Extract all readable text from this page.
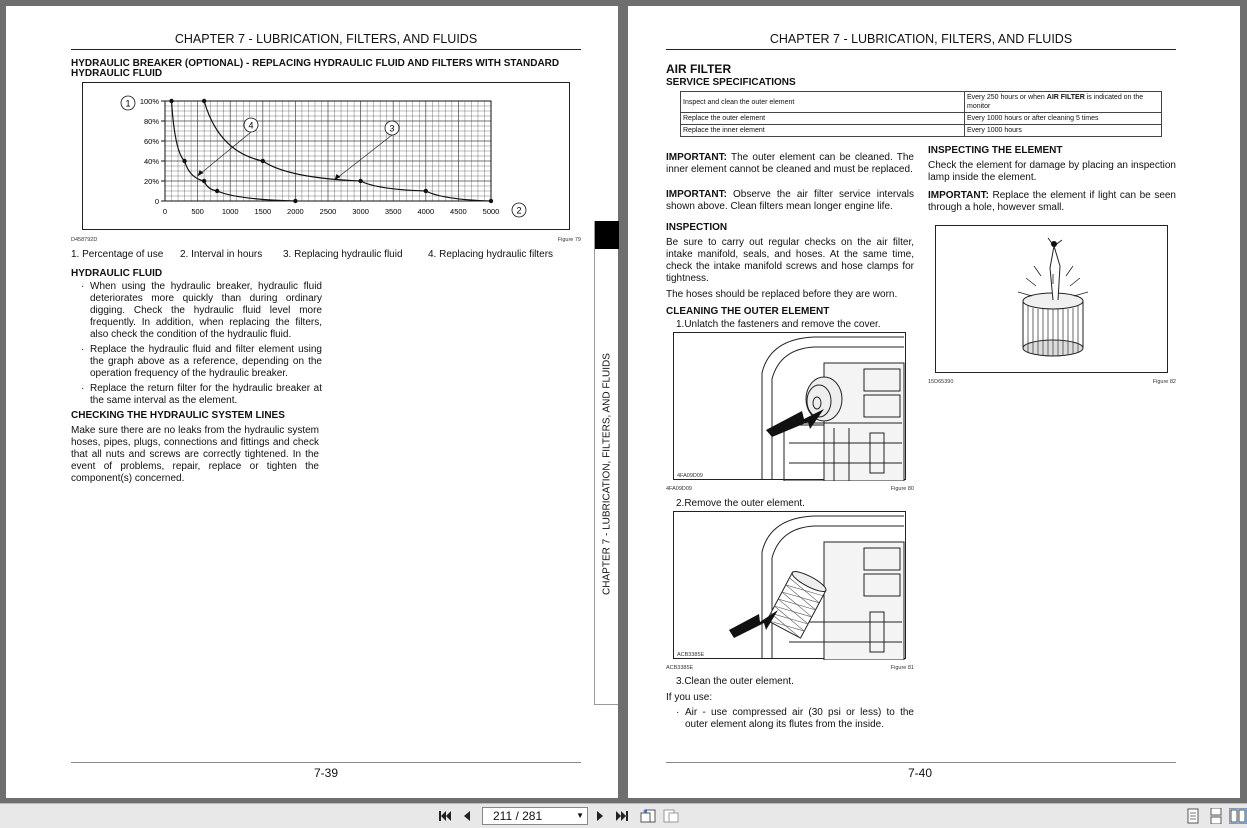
CHAPTER 7 - LUBRICATION, FILTERS, AND FLUIDS
HYDRAULIC BREAKER (OPTIONAL) - REPLACING HYDRAULIC FLUID AND FILTERS WITH STANDARD HYDRAULIC FLUID
0	500 1000 1500 2000 2500 3000 3500 4000 4500 5000
0
20%
40%
60%
80%
100%
1
2
3
4
D458792D	Figure 79
1. Percentage of use 2. Interval in hours 3. Replacing hydraulic fluid	4. Replacing hydraulic filters
HYDRAULIC FLUID
· When using the hydraulic breaker, hydraulic fluid deteriorates more quickly than during ordinary digging. Check the hydraulic fluid level more frequently. In addition, when replacing the filters, also check the condition of the hydraulic fluid.
· Replace the hydraulic fluid and filter element using the graph above as a reference, depending on the operation frequency of the hydraulic breaker.
· Replace the return filter for the hydraulic breaker at the same interval as the element.
CHECKING THE HYDRAULIC SYSTEM LINES
Make sure there are no leaks from the hydraulic system hoses, pipes, plugs, connections and fittings and check that all nuts and screws are correctly tightened. In the event of problems, repair, replace or tighten the component(s) concerned.
7-39
CHAPTER 7 - LUBRICATION, FILTERS, AND FLUIDS
CHAPTER 7 - LUBRICATION, FILTERS, AND FLUIDS
AIR FILTER
SERVICE SPECIFICATIONS
Inspect and clean the outer element	Every 250 hours or when AIR FILTER is indicated on the monitor
Replace the outer element	Every 1000 hours or after cleaning 5 times
Replace the inner element	Every 1000 hours
IMPORTANT: The outer element can be cleaned. The inner element cannot be cleaned and must be replaced.
IMPORTANT: Observe the air filter service intervals shown above. Clean filters mean longer engine life.
INSPECTION
Be sure to carry out regular checks on the air filter, intake manifold, seals, and hoses. At the same time, check the intake manifold screws and hose clamps for tightness.
The hoses should be replaced before they are worn.
CLEANING THE OUTER ELEMENT
1.Unlatch the fasteners and remove the cover.
4FA09D09
4FA09D09	Figure 80
2.Remove the outer element.
ACB3385E
ACB3385E	Figure 81
3.Clean the outer element.
If you use:
· Air - use compressed air (30 psi or less) to the outer element along its flutes from the inside.
INSPECTING THE ELEMENT
Check the element for damage by placing an inspection lamp inside the element.
IMPORTANT: Replace the element if light can be seen through a hole, however small.
15D65390	Figure 82
7-40
211 / 281	▼
